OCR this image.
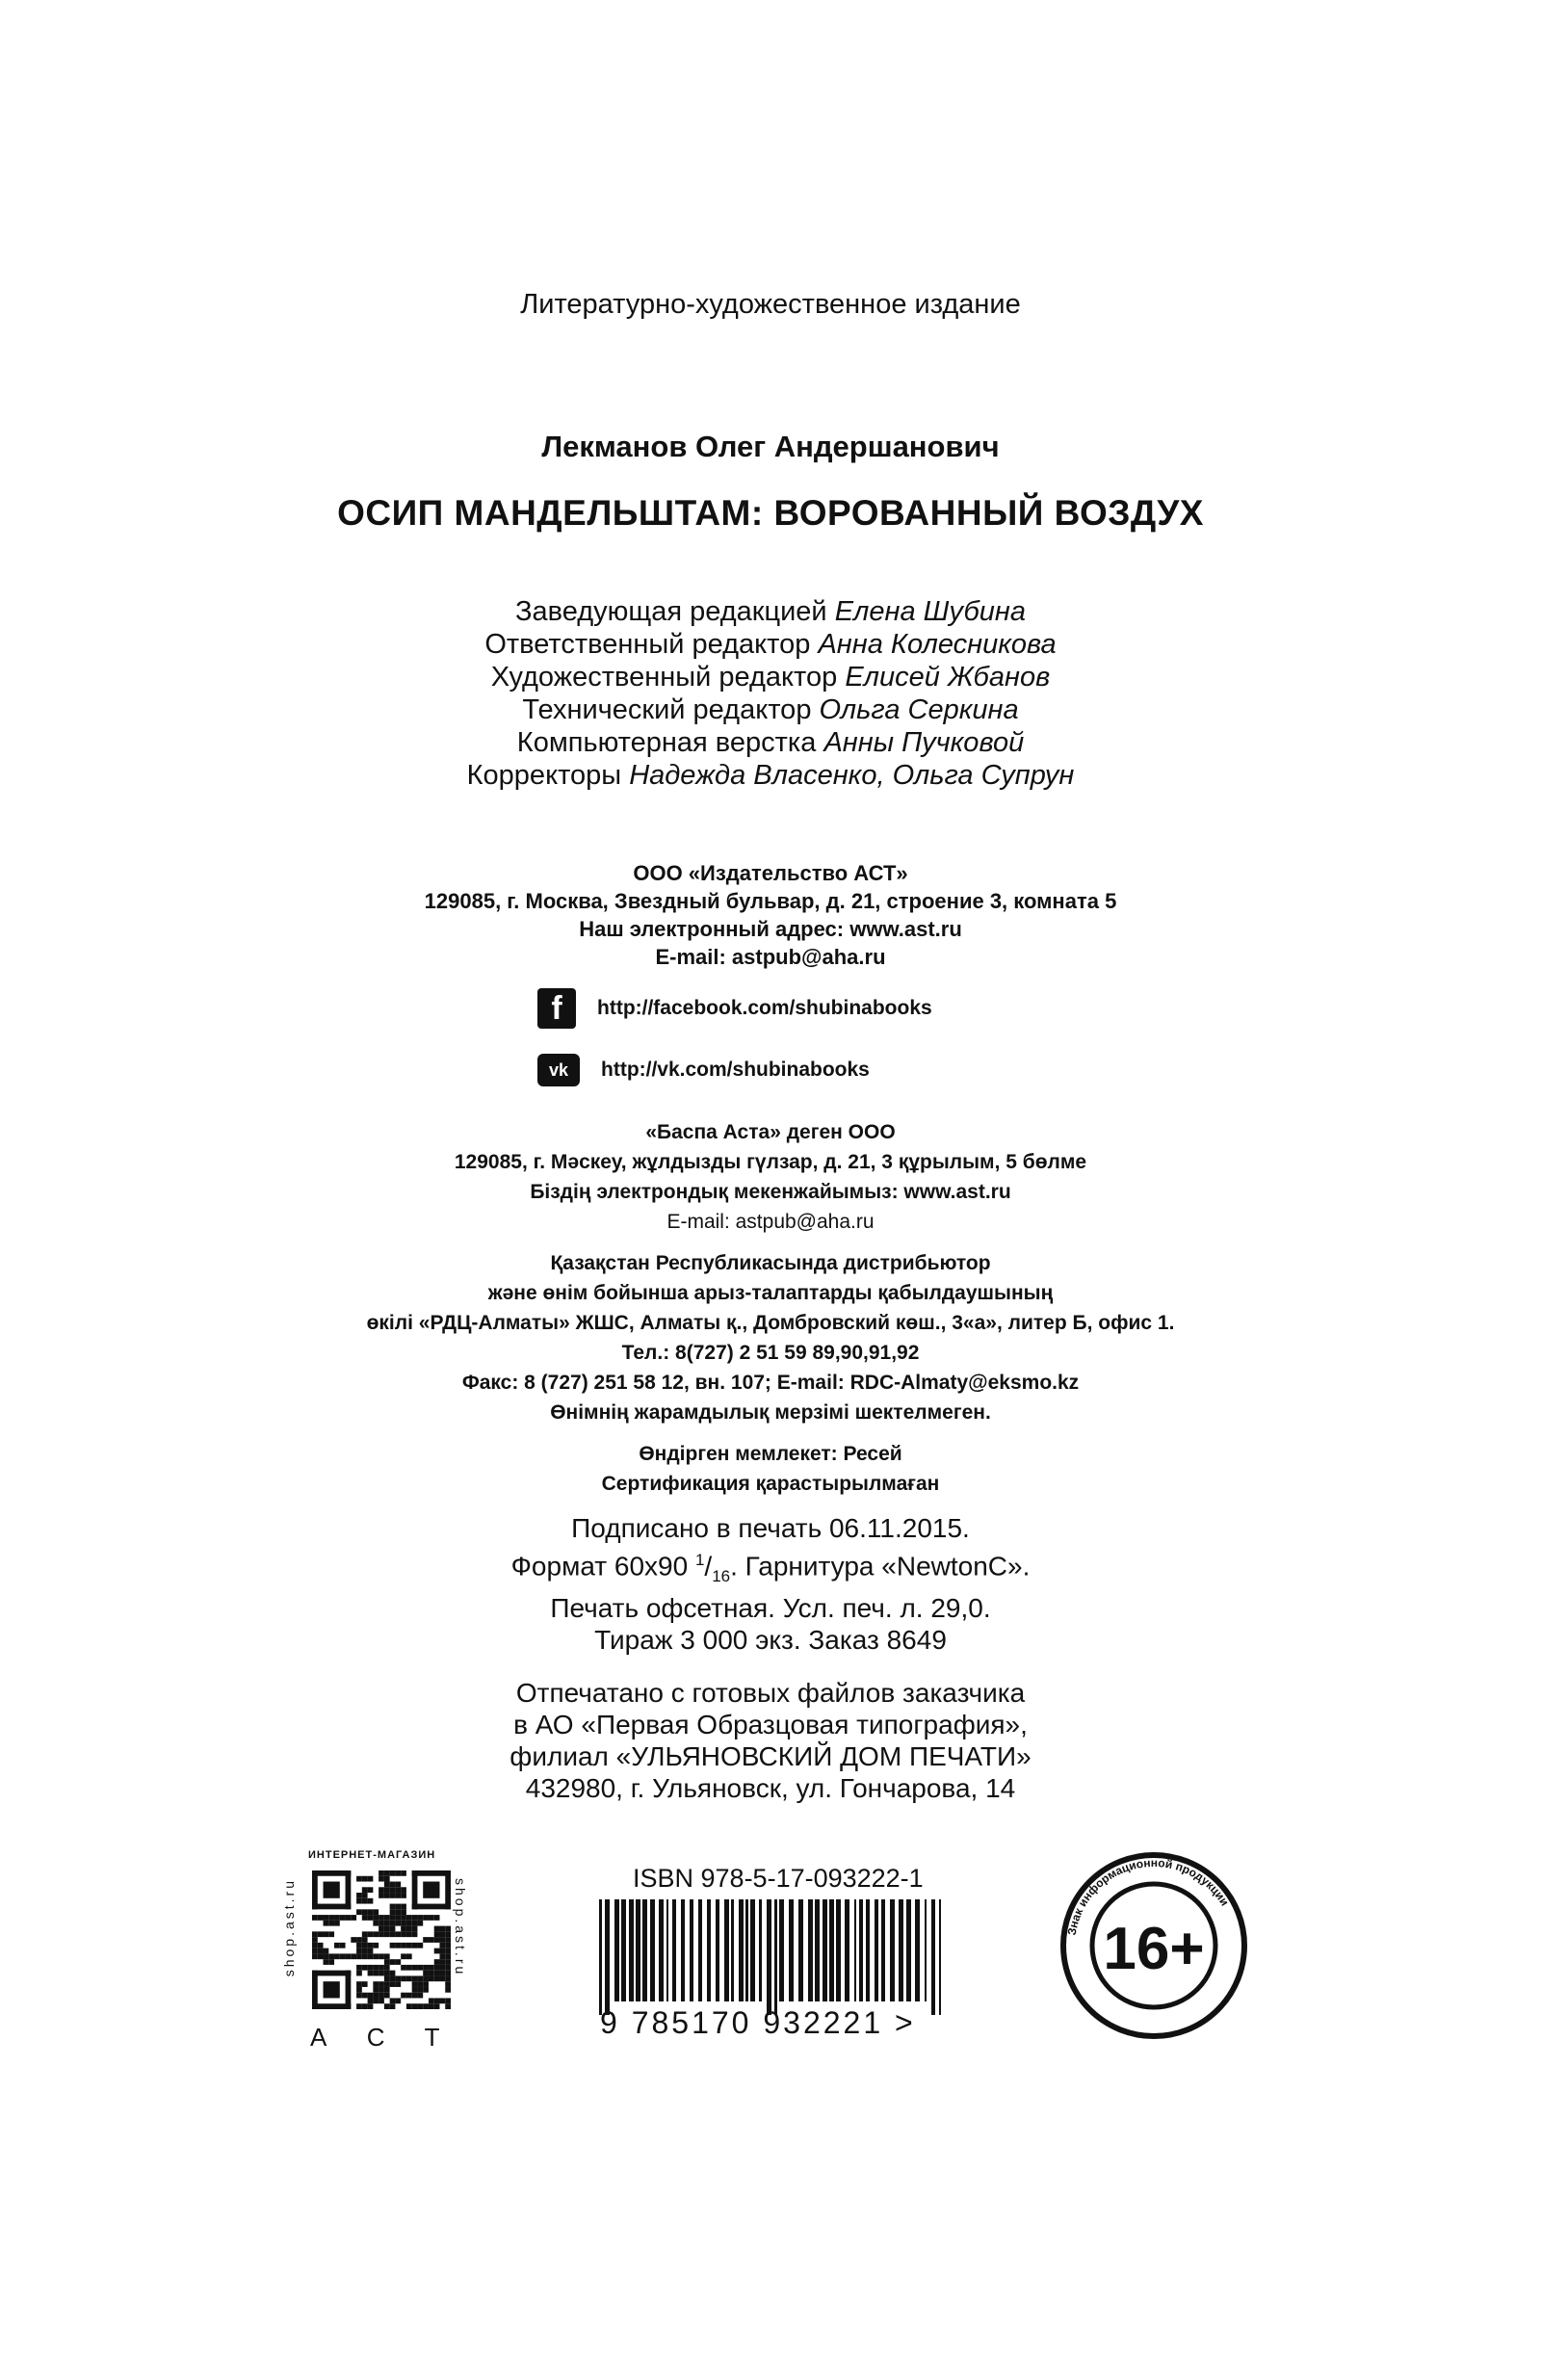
Литературно-художественное издание
Лекманов Олег Андершанович
ОСИП МАНДЕЛЬШТАМ: ВОРОВАННЫЙ ВОЗДУХ
Заведующая редакцией Елена Шубина
Ответственный редактор Анна Колесникова
Художественный редактор Елисей Жбанов
Технический редактор Ольга Серкина
Компьютерная верстка Анны Пучковой
Корректоры Надежда Власенко, Ольга Супрун
ООО «Издательство АСТ»
129085, г. Москва, Звездный бульвар, д. 21, строение 3, комната 5
Наш электронный адрес: www.ast.ru
E-mail: astpub@aha.ru
f	http://facebook.com/shubinabooks
vk	http://vk.com/shubinabooks
«Баспа Аста» деген ООО
129085, г. Мәскеу, жұлдызды гүлзар, д. 21, 3 құрылым, 5 бөлме
Біздің электрондық мекенжайымыз: www.ast.ru
E-mail: astpub@aha.ru
Қазақстан Республикасында дистрибьютор
және өнім бойынша арыз-талаптарды қабылдаушының
өкілі «РДЦ-Алматы» ЖШС, Алматы қ., Домбровский көш., 3«а», литер Б, офис 1.
Тел.: 8(727) 2 51 59 89,90,91,92
Факс: 8 (727) 251 58 12, вн. 107; E-mail: RDC-Almaty@eksmo.kz
Өнімнің жарамдылық мерзімі шектелмеген.
Өндірген мемлекет: Ресей
Сертификация қарастырылмаған
Подписано в печать 06.11.2015.
Формат 60х90 $^1/_{16}$. Гарнитура «NewtonC».
Печать офсетная. Усл. печ. л. 29,0.
Тираж 3 000 экз. Заказ 8649
Отпечатано с готовых файлов заказчика
в АО «Первая Образцовая типография»,
филиал «УЛЬЯНОВСКИЙ ДОМ ПЕЧАТИ»
432980, г. Ульяновск, ул. Гончарова, 14
ИНТЕРНЕТ-МАГАЗИН
shop.ast.ru	shop.ast.ru
АСТ
ISBN 978-5-17-093222-1
9 785170 932221 >
Знак информационной продукции
16+
